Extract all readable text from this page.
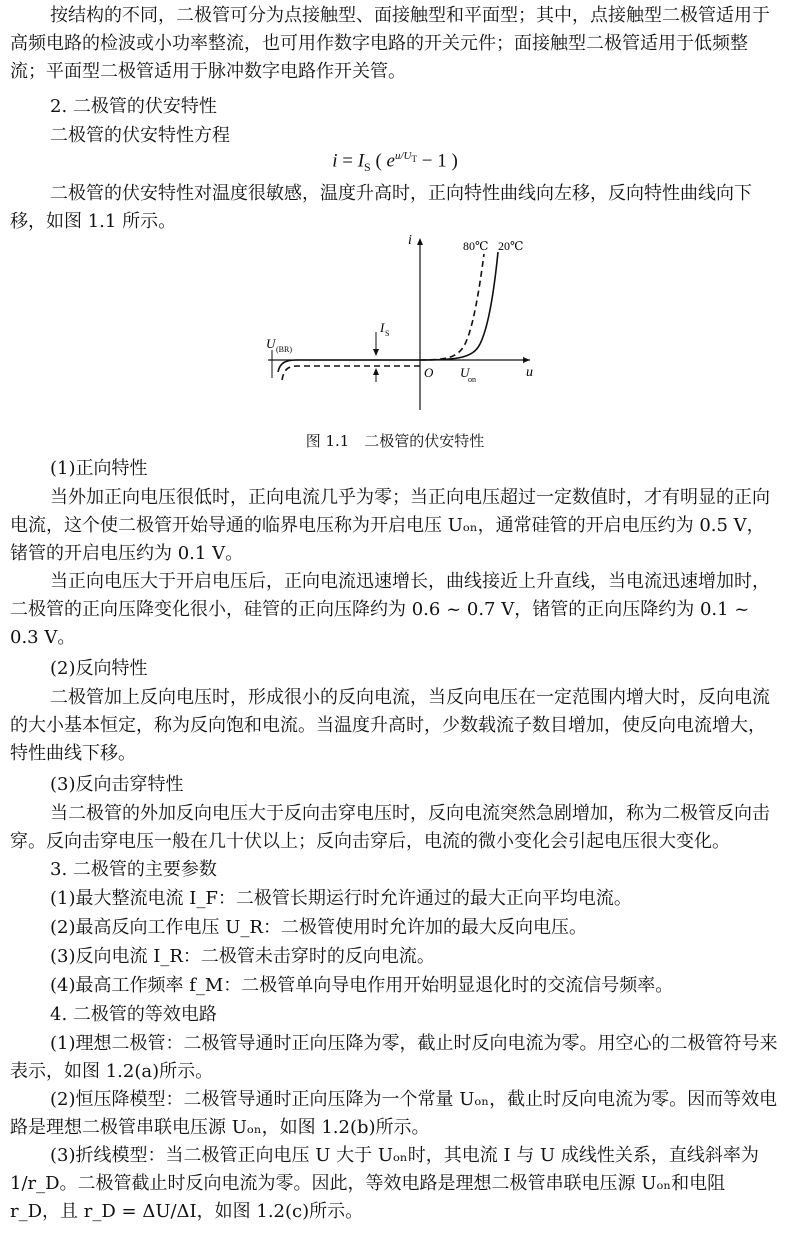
按结构的不同，二极管可分为点接触型、面接触型和平面型；其中，点接触型二极管适用于高频电路的检波或小功率整流，也可用作数字电路的开关元件；面接触型二极管适用于低频整流；平面型二极管适用于脉冲数字电路作开关管。

2. 二极管的伏安特性

二极管的伏安特性方程

$i = I_S$ ( $e^{u/U_T} - 1$ )

二极管的伏安特性对温度很敏感，温度升高时，正向特性曲线向左移，反向特性曲线向下移，如图 1.1 所示。

i
u
O
80℃ 20℃
U (BR)
I S
U
on
图 1.1　二极管的伏安特性

(1)正向特性

当外加正向电压很低时，正向电流几乎为零；当正向电压超过一定数值时，才有明显的正向电流，这个使二极管开始导通的临界电压称为开启电压 Uₒₙ，通常硅管的开启电压约为 0.5 V，锗管的开启电压约为 0.1 V。

当正向电压大于开启电压后，正向电流迅速增长，曲线接近上升直线，当电流迅速增加时，二极管的正向压降变化很小，硅管的正向压降约为 0.6 ~ 0.7 V，锗管的正向压降约为 0.1 ~ 0.3 V。

(2)反向特性

二极管加上反向电压时，形成很小的反向电流，当反向电压在一定范围内增大时，反向电流的大小基本恒定，称为反向饱和电流。当温度升高时，少数载流子数目增加，使反向电流增大，特性曲线下移。

(3)反向击穿特性

当二极管的外加反向电压大于反向击穿电压时，反向电流突然急剧增加，称为二极管反向击穿。反向击穿电压一般在几十伏以上；反向击穿后，电流的微小变化会引起电压很大变化。

3. 二极管的主要参数

(1)最大整流电流 I_F：二极管长期运行时允许通过的最大正向平均电流。

(2)最高反向工作电压 U_R：二极管使用时允许加的最大反向电压。

(3)反向电流 I_R：二极管未击穿时的反向电流。

(4)最高工作频率 f_M：二极管单向导电作用开始明显退化时的交流信号频率。

4. 二极管的等效电路

(1)理想二极管：二极管导通时正向压降为零，截止时反向电流为零。用空心的二极管符号来表示，如图 1.2(a)所示。

(2)恒压降模型：二极管导通时正向压降为一个常量 Uₒₙ，截止时反向电流为零。因而等效电路是理想二极管串联电压源 Uₒₙ，如图 1.2(b)所示。

(3)折线模型：当二极管正向电压 U 大于 Uₒₙ时，其电流 I 与 U 成线性关系，直线斜率为 1/r_D。二极管截止时反向电流为零。因此，等效电路是理想二极管串联电压源 Uₒₙ和电阻 r_D，且 r_D = ΔU/ΔI，如图 1.2(c)所示。
